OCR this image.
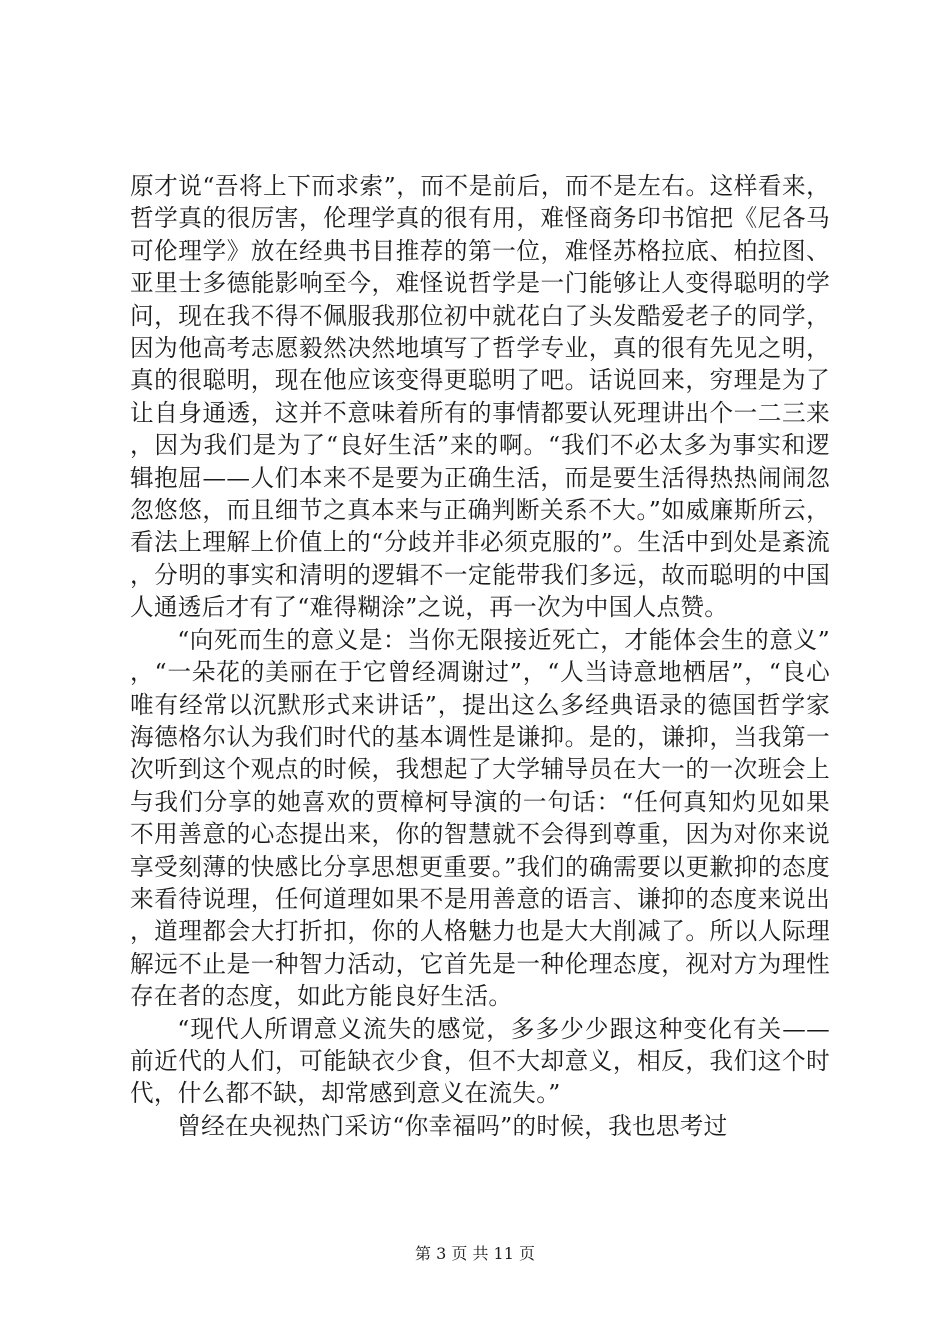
原才说“吾将上下而求索”，而不是前后，而不是左右。这样看来，哲学真的很厉害，伦理学真的很有用，难怪商务印书馆把《尼各马可伦理学》放在经典书目推荐的第一位，难怪苏格拉底、柏拉图、亚里士多德能影响至今，难怪说哲学是一门能够让人变得聪明的学问，现在我不得不佩服我那位初中就花白了头发酷爱老子的同学，因为他高考志愿毅然决然地填写了哲学专业，真的很有先见之明，真的很聪明，现在他应该变得更聪明了吧。话说回来，穷理是为了让自身通透，这并不意味着所有的事情都要认死理讲出个一二三来，因为我们是为了“良好生活”来的啊。“我们不必太多为事实和逻辑抱屈——人们本来不是要为正确生活，而是要生活得热热闹闹忽忽悠悠，而且细节之真本来与正确判断关系不大。”如威廉斯所云，看法上理解上价值上的“分歧并非必须克服的”。生活中到处是紊流，分明的事实和清明的逻辑不一定能带我们多远，故而聪明的中国人通透后才有了“难得糊涂”之说，再一次为中国人点赞。

“向死而生的意义是：当你无限接近死亡，才能体会生的意义”，“一朵花的美丽在于它曾经凋谢过”，“人当诗意地栖居”，“良心唯有经常以沉默形式来讲话”，提出这么多经典语录的德国哲学家海德格尔认为我们时代的基本调性是谦抑。是的，谦抑，当我第一次听到这个观点的时候，我想起了大学辅导员在大一的一次班会上与我们分享的她喜欢的贾樟柯导演的一句话：“任何真知灼见如果不用善意的心态提出来，你的智慧就不会得到尊重，因为对你来说享受刻薄的快感比分享思想更重要。”我们的确需要以更歉抑的态度来看待说理，任何道理如果不是用善意的语言、谦抑的态度来说出，道理都会大打折扣，你的人格魅力也是大大削减了。所以人际理解远不止是一种智力活动，它首先是一种伦理态度，视对方为理性存在者的态度，如此方能良好生活。

“现代人所谓意义流失的感觉，多多少少跟这种变化有关——前近代的人们，可能缺衣少食，但不大却意义，相反，我们这个时代，什么都不缺，却常感到意义在流失。”

曾经在央视热门采访“你幸福吗”的时候，我也思考过

第 3 页 共 11 页
